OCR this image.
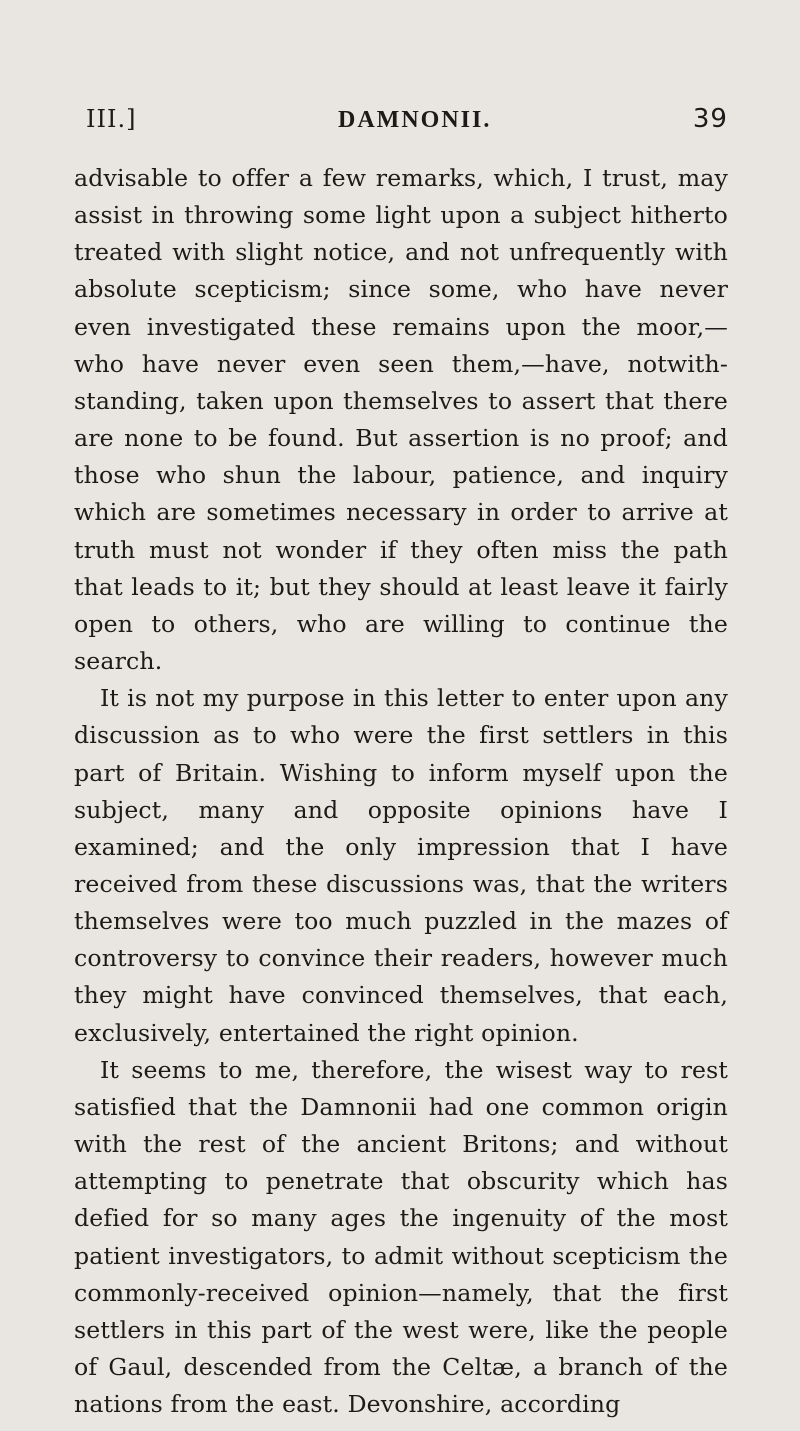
III.]	DAMNONII.	39

advisable to offer a few remarks, which, I trust, may assist in throwing some light upon a subject hitherto treated with slight notice, and not unfrequently with absolute scepticism; since some, who have never even investigated these remains upon the moor,—who have never even seen them,—have, notwith-standing, taken upon themselves to assert that there are none to be found. But assertion is no proof; and those who shun the labour, patience, and inquiry which are sometimes necessary in order to arrive at truth must not wonder if they often miss the path that leads to it; but they should at least leave it fairly open to others, who are willing to continue the search.

It is not my purpose in this letter to enter upon any discussion as to who were the first settlers in this part of Britain. Wishing to inform myself upon the subject, many and opposite opinions have I examined; and the only impression that I have received from these discussions was, that the writers themselves were too much puzzled in the mazes of controversy to convince their readers, however much they might have convinced themselves, that each, exclusively, entertained the right opinion.

It seems to me, therefore, the wisest way to rest satisfied that the Damnonii had one common origin with the rest of the ancient Britons; and without attempting to penetrate that obscurity which has defied for so many ages the ingenuity of the most patient investigators, to admit without scepticism the commonly-received opinion—namely, that the first settlers in this part of the west were, like the people of Gaul, descended from the Celtæ, a branch of the nations from the east. Devonshire, according
